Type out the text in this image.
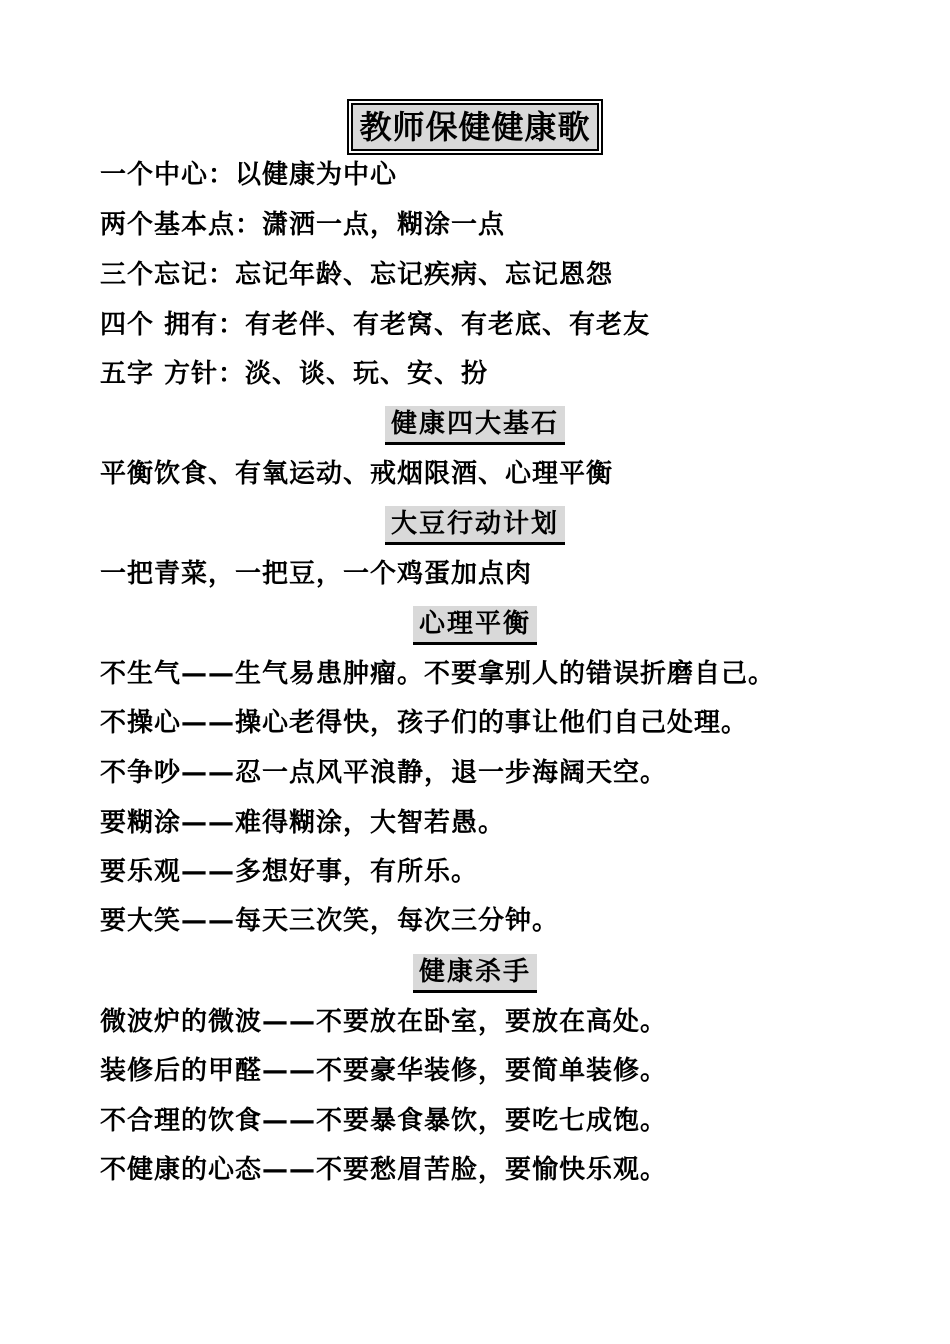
教师保健健康歌
一个中心：以健康为中心
两个基本点：潇洒一点，糊涂一点
三个忘记：忘记年龄、忘记疾病、忘记恩怨
四个 拥有：有老伴、有老窝、有老底、有老友
五字 方针：淡、谈、玩、安、扮
健康四大基石
平衡饮食、有氧运动、戒烟限酒、心理平衡
大豆行动计划
一把青菜，一把豆，一个鸡蛋加点肉
心理平衡
不生气——生气易患肿瘤。不要拿别人的错误折磨自己。
不操心——操心老得快，孩子们的事让他们自己处理。
不争吵——忍一点风平浪静，退一步海阔天空。
要糊涂——难得糊涂，大智若愚。
要乐观——多想好事，有所乐。
要大笑——每天三次笑，每次三分钟。
健康杀手
微波炉的微波——不要放在卧室，要放在高处。
装修后的甲醛——不要豪华装修，要简单装修。
不合理的饮食——不要暴食暴饮，要吃七成饱。
不健康的心态——不要愁眉苦脸，要愉快乐观。
